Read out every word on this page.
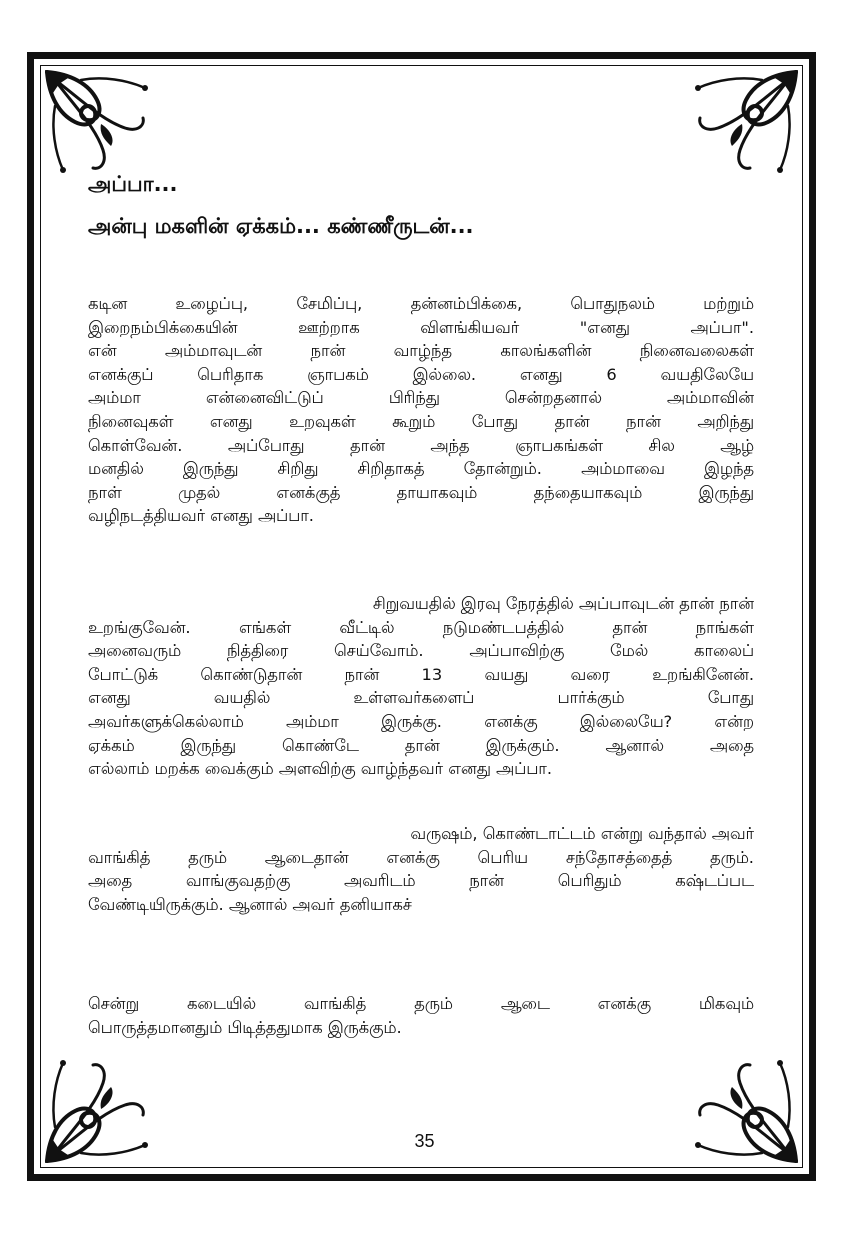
அப்பா...
அன்பு மகளின் ஏக்கம்... கண்ணீருடன்...
கடின உழைப்பு, சேமிப்பு, தன்னம்பிக்கை, பொதுநலம் மற்றும்
இறைநம்பிக்கையின் ஊற்றாக விளங்கியவர் "எனது அப்பா".
என் அம்மாவுடன் நான் வாழ்ந்த காலங்களின் நினைவலைகள்
எனக்குப் பெரிதாக ஞாபகம் இல்லை. எனது 6 வயதிலேயே
அம்மா என்னைவிட்டுப் பிரிந்து சென்றதனால் அம்மாவின்
நினைவுகள் எனது உறவுகள் கூறும் போது தான் நான் அறிந்து
கொள்வேன். அப்போது தான் அந்த ஞாபகங்கள் சில ஆழ்
மனதில் இருந்து சிறிது சிறிதாகத் தோன்றும். அம்மாவை இழந்த
நாள் முதல் எனக்குத் தாயாகவும் தந்தையாகவும் இருந்து
வழிநடத்தியவர் எனது அப்பா.
சிறுவயதில் இரவு நேரத்தில் அப்பாவுடன் தான் நான்
உறங்குவேன். எங்கள் வீட்டில் நடுமண்டபத்தில் தான் நாங்கள்
அனைவரும் நித்திரை செய்வோம். அப்பாவிற்கு மேல் காலைப்
போட்டுக் கொண்டுதான் நான் 13 வயது வரை உறங்கினேன்.
எனது வயதில் உள்ளவர்களைப் பார்க்கும் போது
அவர்களுக்கெல்லாம் அம்மா இருக்கு. எனக்கு இல்லையே? என்ற
ஏக்கம் இருந்து கொண்டே தான் இருக்கும். ஆனால் அதை
எல்லாம் மறக்க வைக்கும் அளவிற்கு வாழ்ந்தவர் எனது அப்பா.
வருஷம், கொண்டாட்டம் என்று வந்தால் அவர்
வாங்கித் தரும் ஆடைதான் எனக்கு பெரிய சந்தோசத்தைத் தரும்.
அதை வாங்குவதற்கு அவரிடம் நான் பெரிதும் கஷ்டப்பட
வேண்டியிருக்கும். ஆனால் அவர் தனியாகச்
சென்று கடையில் வாங்கித் தரும் ஆடை எனக்கு மிகவும்
பொருத்தமானதும் பிடித்ததுமாக இருக்கும்.
35
